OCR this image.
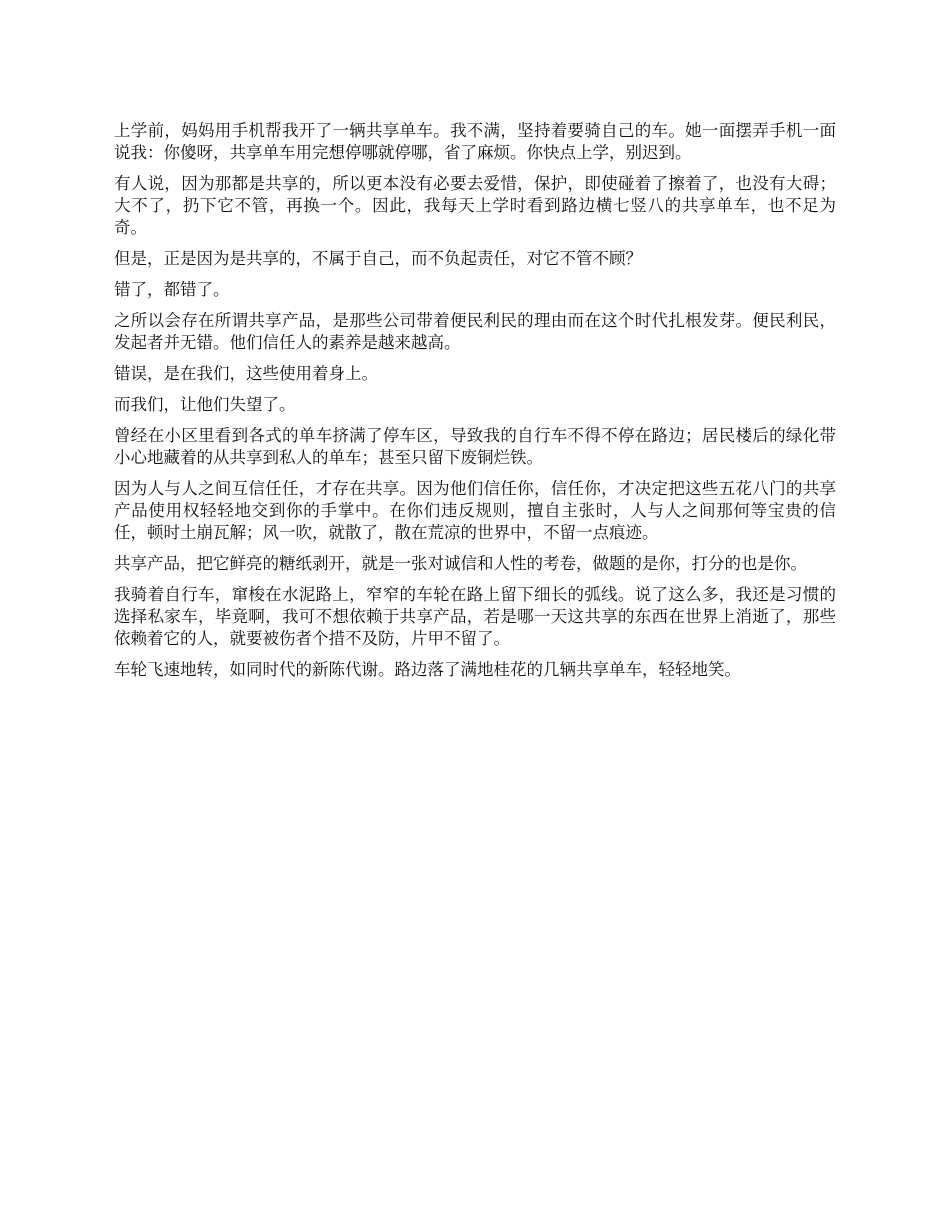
上学前，妈妈用手机帮我开了一辆共享单车。我不满，坚持着要骑自己的车。她一面摆弄手机一面说我：你傻呀，共享单车用完想停哪就停哪，省了麻烦。你快点上学，别迟到。

有人说，因为那都是共享的，所以更本没有必要去爱惜，保护，即使碰着了擦着了，也没有大碍；大不了，扔下它不管，再换一个。因此，我每天上学时看到路边横七竖八的共享单车，也不足为奇。

但是，正是因为是共享的，不属于自己，而不负起责任，对它不管不顾？

错了，都错了。

之所以会存在所谓共享产品，是那些公司带着便民利民的理由而在这个时代扎根发芽。便民利民，发起者并无错。他们信任人的素养是越来越高。

错误，是在我们，这些使用着身上。

而我们，让他们失望了。

曾经在小区里看到各式的单车挤满了停车区，导致我的自行车不得不停在路边；居民楼后的绿化带小心地藏着的从共享到私人的单车；甚至只留下废铜烂铁。

因为人与人之间互信任任，才存在共享。因为他们信任你，信任你，才决定把这些五花八门的共享产品使用权轻轻地交到你的手掌中。在你们违反规则，擅自主张时，人与人之间那何等宝贵的信任，顿时土崩瓦解；风一吹，就散了，散在荒凉的世界中，不留一点痕迹。

共享产品，把它鲜亮的糖纸剥开，就是一张对诚信和人性的考卷，做题的是你，打分的也是你。

我骑着自行车，窜梭在水泥路上，窄窄的车轮在路上留下细长的弧线。说了这么多，我还是习惯的选择私家车，毕竟啊，我可不想依赖于共享产品，若是哪一天这共享的东西在世界上消逝了，那些依赖着它的人，就要被伤者个措不及防，片甲不留了。

车轮飞速地转，如同时代的新陈代谢。路边落了满地桂花的几辆共享单车，轻轻地笑。
